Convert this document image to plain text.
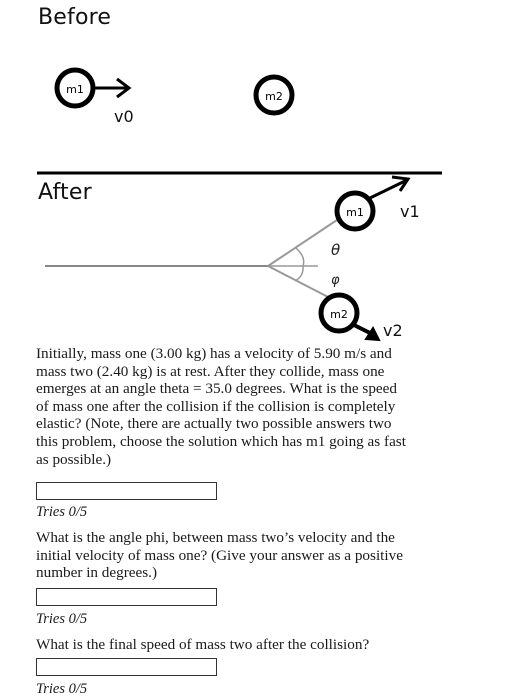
Before
m1
v0
m2
θ
φ
m1 v1
m2
v2
After
Initially, mass one (3.00 kg) has a velocity of 5.90 m/s and
mass two (2.40 kg) is at rest. After they collide, mass one
emerges at an angle theta = 35.0 degrees. What is the speed
of mass one after the collision if the collision is completely
elastic? (Note, there are actually two possible answers two
this problem, choose the solution which has m1 going as fast
as possible.)
Tries 0/5
What is the angle phi, between mass two’s velocity and the
initial velocity of mass one? (Give your answer as a positive
number in degrees.)
Tries 0/5
What is the final speed of mass two after the collision?
Tries 0/5
